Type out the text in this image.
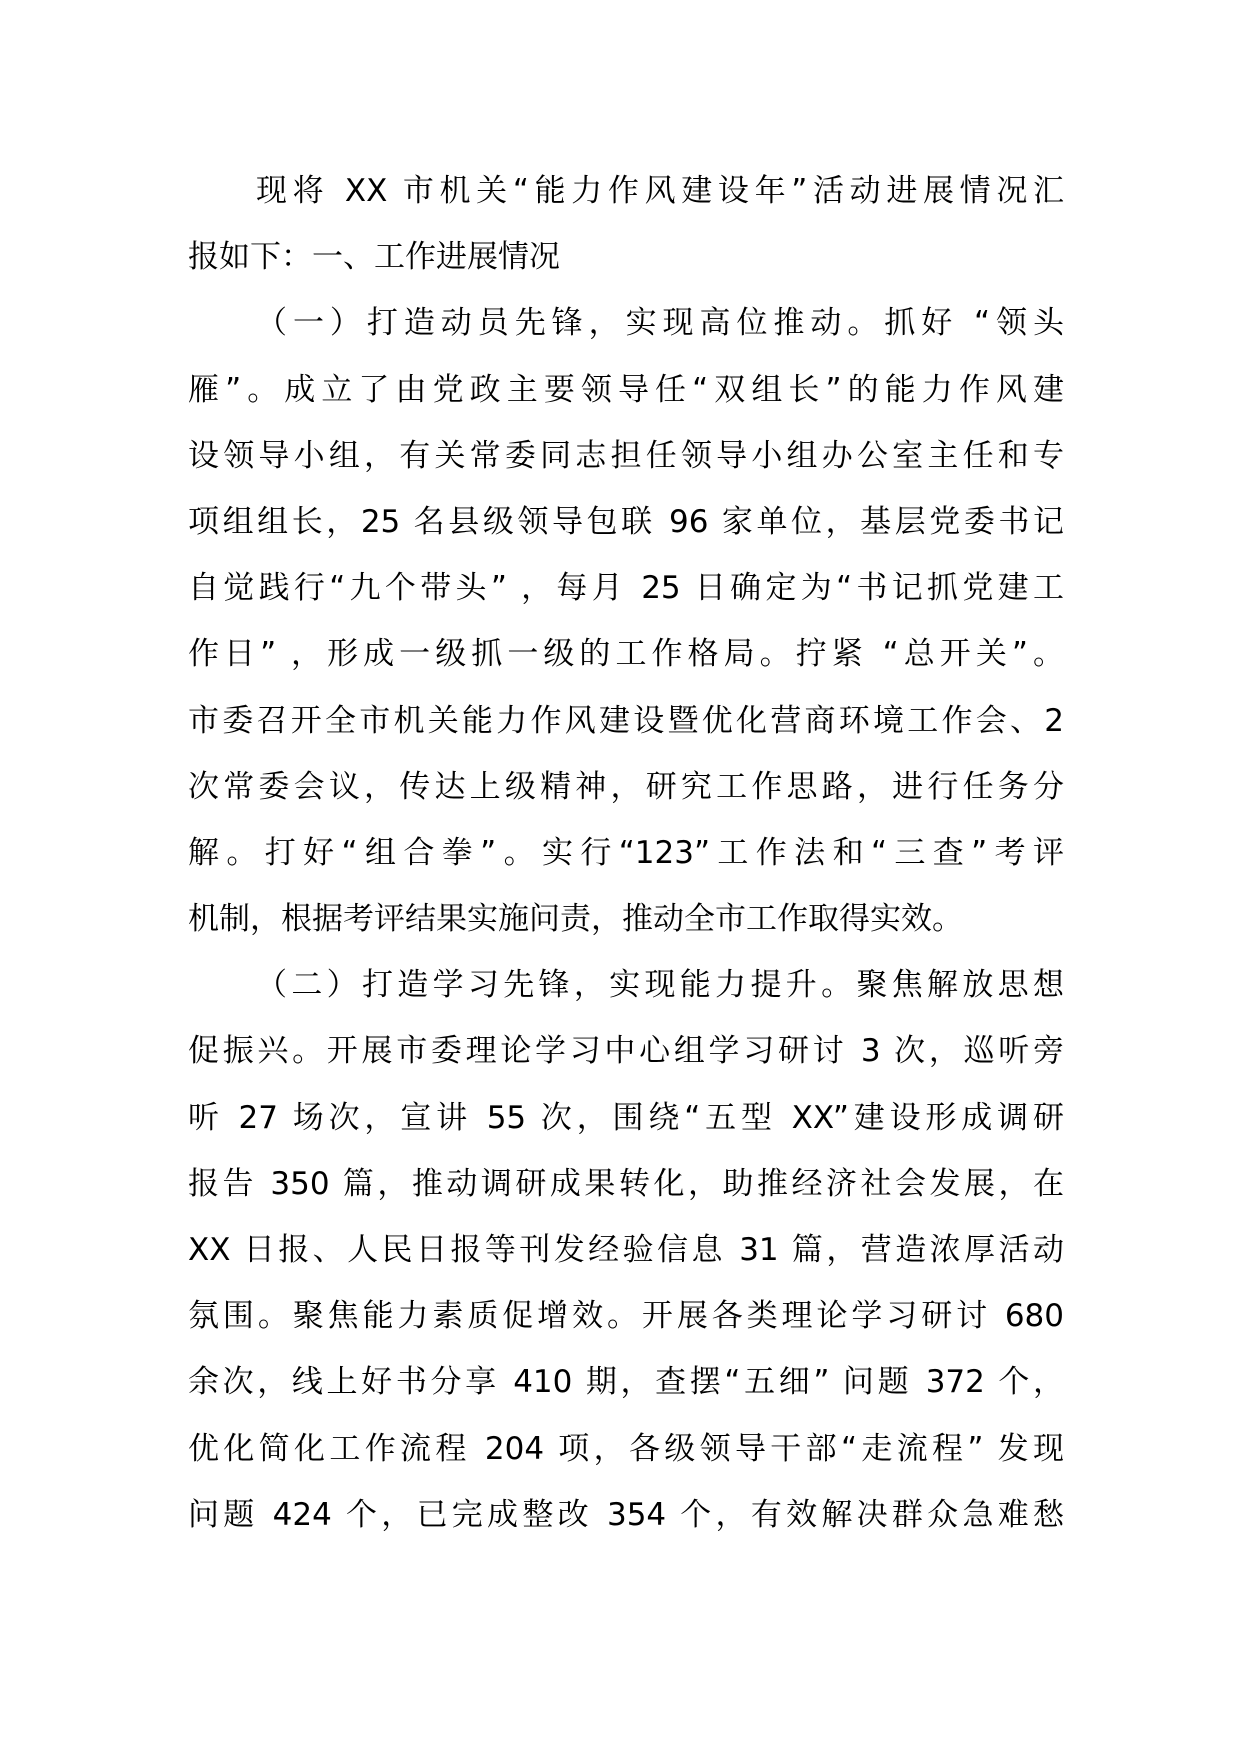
现将 XX 市机关“能力作风建设年”活动进展情况汇
报如下：一、工作进展情况
（一）打造动员先锋，实现高位推动。抓好 “领头
雁”。成立了由党政主要领导任“双组长”的能力作风建
设领导小组，有关常委同志担任领导小组办公室主任和专
项组组长，25 名县级领导包联 96 家单位，基层党委书记
自觉践行“九个带头” ，每月 25 日确定为“书记抓党建工
作日” ，形成一级抓一级的工作格局。拧紧 “总开关”。
市委召开全市机关能力作风建设暨优化营商环境工作会、2
次常委会议，传达上级精神，研究工作思路，进行任务分
解。打好“组合拳”。实行“123”工作法和“三查”考评
机制，根据考评结果实施问责，推动全市工作取得实效。
（二）打造学习先锋，实现能力提升。聚焦解放思想
促振兴。开展市委理论学习中心组学习研讨 3 次，巡听旁
听 27 场次，宣讲 55 次，围绕“五型 XX”建设形成调研
报告 350 篇，推动调研成果转化，助推经济社会发展，在
XX 日报、人民日报等刊发经验信息 31 篇，营造浓厚活动
氛围。聚焦能力素质促增效。开展各类理论学习研讨 680
余次，线上好书分享 410 期，查摆“五细” 问题 372 个，
优化简化工作流程 204 项，各级领导干部“走流程” 发现
问题 424 个，已完成整改 354 个，有效解决群众急难愁
